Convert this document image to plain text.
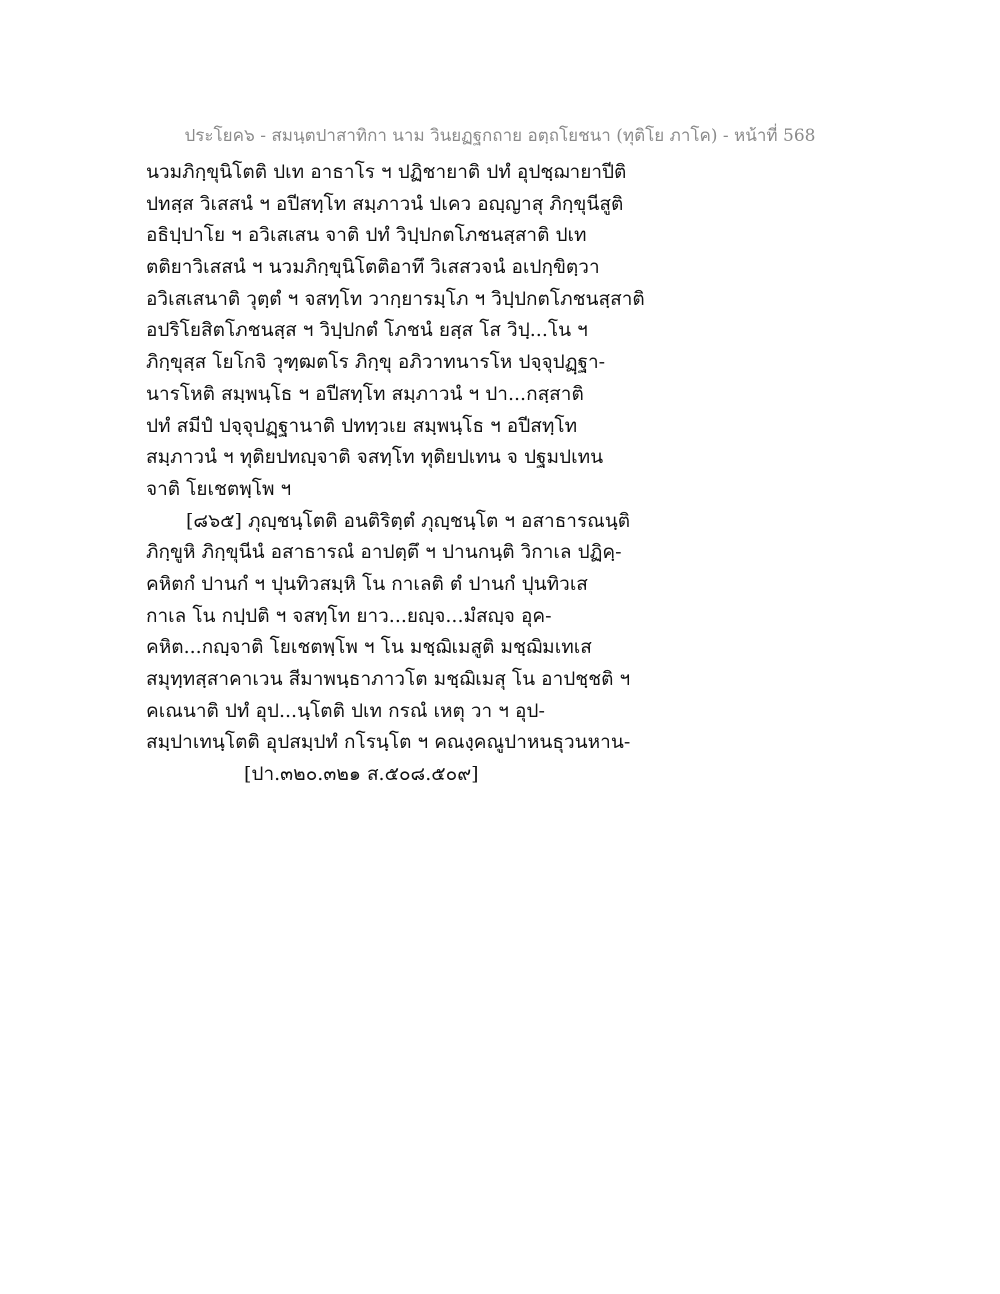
ประโยค๖ - สมนฺตปาสาทิกา นาม วินยฏฐกถาย อตฺถโยชนา (ทุติโย ภาโค) - หน้าที่ 568
นวมภิกฺขุนิโตติ ปเท อาธาโร ฯ ปฏิชายาติ ปทํ อุปชฺฌายาปีติ
ปทสฺส วิเสสนํ ฯ อปีสทฺโท สมฺภาวนํ ปเคว อญฺญาสุ ภิกฺขุนีสูติ
อธิปฺปาโย ฯ อวิเสเสน จาติ ปทํ วิปฺปกตโภชนสฺสาติ ปเท
ตติยาวิเสสนํ ฯ นวมภิกฺขุนิโตติอาทึ วิเสสวจนํ อเปกฺขิตฺวา
อวิเสเสนาติ วุตฺตํ ฯ จสทฺโท วากฺยารมฺโภ ฯ วิปฺปกตโภชนสฺสาติ
อปริโยสิตโภชนสฺส ฯ วิปฺปกตํ โภชนํ ยสฺส โส วิปฺ...โน ฯ
ภิกฺขุสฺส โยโกจิ วุฑฺฒตโร ภิกฺขุ อภิวาทนารโห ปจฺจุปฏฺฐา-
นารโหติ สมฺพนฺโธ ฯ อปีสทฺโท สมฺภาวนํ ฯ ปา...กสฺสาติ
ปทํ สมีปํ ปจฺจุปฏฺฐานาติ ปททฺวเย สมฺพนฺโธ ฯ อปีสทฺโท
สมฺภาวนํ ฯ ทุติยปทญฺจาติ จสทฺโท ทุติยปเทน จ ปฐมปเทน
จาติ โยเชตพฺโพ ฯ
[๘๖๕] ภุญฺชนฺโตติ อนติริตฺตํ ภุญฺชนฺโต ฯ อสาธารณนฺติ
ภิกฺขูหิ ภิกฺขุนีนํ อสาธารณํ อาปตฺตึ ฯ ปานกนฺติ วิกาเล ปฏิคฺ-
คหิตกํ ปานกํ ฯ ปุนทิวสมฺหิ โน กาเลติ ตํ ปานกํ ปุนทิวเส
กาเล โน กปฺปติ ฯ จสทฺโท ยาว...ยญฺจ...มํสญฺจ อุค-
คหิต...กญฺจาติ โยเชตพฺโพ ฯ โน มชฺฌิเมสูติ มชฺฌิมเทเส
สมุทฺทสฺสาคาเวน สีมาพนฺธาภาวโต มชฺฌิเมสุ โน อาปชฺชติ ฯ
คเณนาติ ปทํ อุป...นฺโตติ ปเท กรณํ เหตุ วา ฯ อุป-
สมฺปาเทนฺโตติ อุปสมฺปทํ กโรนฺโต ฯ คณงฺคณูปาหนธุวนหาน-
[ปา.๓๒๐.๓๒๑ ส.๕๐๘.๕๐๙]
